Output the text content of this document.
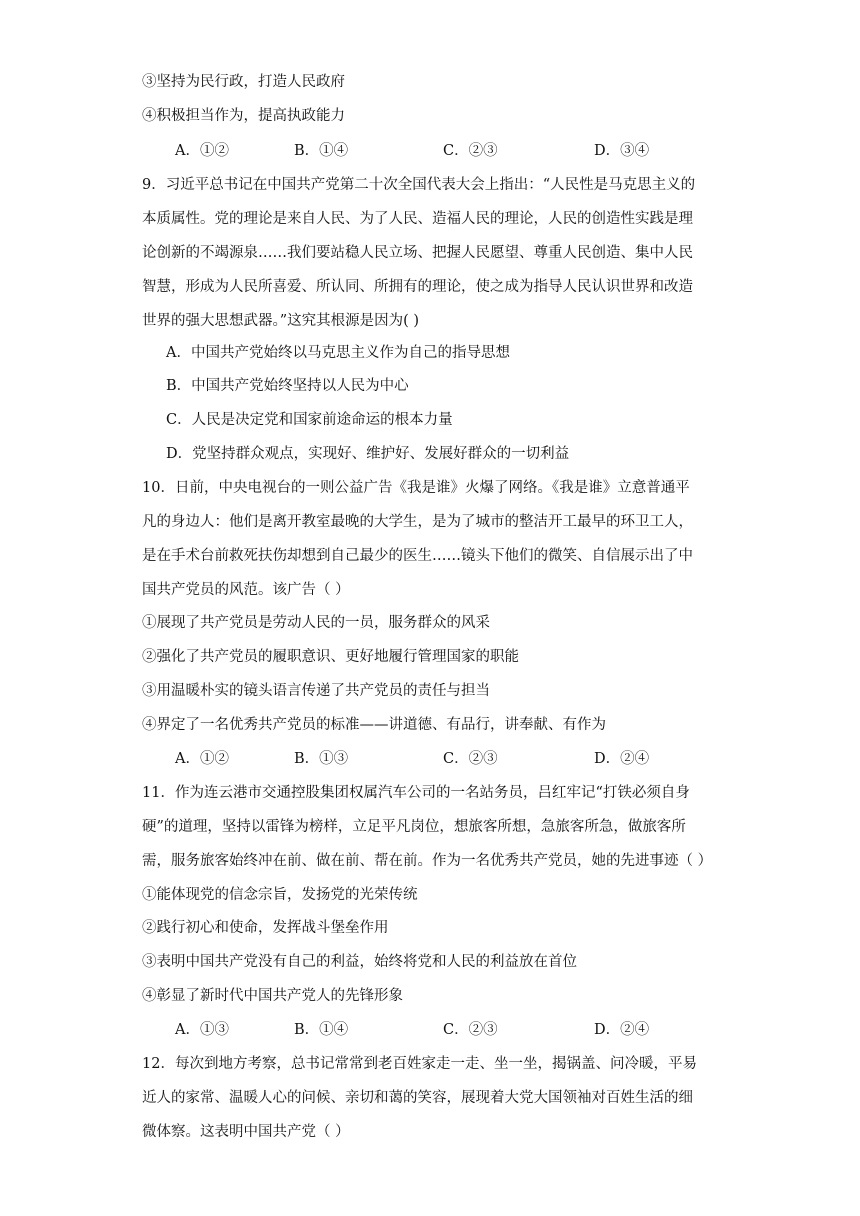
③坚持为民行政，打造人民政府
④积极担当作为，提高执政能力
A．①②	B．①④	C．②③	D．③④
9．习近平总书记在中国共产党第二十次全国代表大会上指出：“人民性是马克思主义的
本质属性。党的理论是来自人民、为了人民、造福人民的理论，人民的创造性实践是理
论创新的不竭源泉……我们要站稳人民立场、把握人民愿望、尊重人民创造、集中人民
智慧，形成为人民所喜爱、所认同、所拥有的理论，使之成为指导人民认识世界和改造
世界的强大思想武器。”这究其根源是因为( )
A．中国共产党始终以马克思主义作为自己的指导思想
B．中国共产党始终坚持以人民为中心
C．人民是决定党和国家前途命运的根本力量
D．党坚持群众观点，实现好、维护好、发展好群众的一切利益
10．日前，中央电视台的一则公益广告《我是谁》火爆了网络。《我是谁》立意普通平
凡的身边人：他们是离开教室最晚的大学生，是为了城市的整洁开工最早的环卫工人，
是在手术台前救死扶伤却想到自己最少的医生……镜头下他们的微笑、自信展示出了中
国共产党员的风范。该广告（ ）
①展现了共产党员是劳动人民的一员，服务群众的风采
②强化了共产党员的履职意识、更好地履行管理国家的职能
③用温暖朴实的镜头语言传递了共产党员的责任与担当
④界定了一名优秀共产党员的标准——讲道德、有品行，讲奉献、有作为
A．①②	B．①③	C．②③	D．②④
11．作为连云港市交通控股集团权属汽车公司的一名站务员，吕红牢记“打铁必须自身
硬”的道理，坚持以雷锋为榜样，立足平凡岗位，想旅客所想，急旅客所急，做旅客所
需，服务旅客始终冲在前、做在前、帮在前。作为一名优秀共产党员，她的先进事迹（ ）
①能体现党的信念宗旨，发扬党的光荣传统
②践行初心和使命，发挥战斗堡垒作用
③表明中国共产党没有自己的利益，始终将党和人民的利益放在首位
④彰显了新时代中国共产党人的先锋形象
A．①③	B．①④	C．②③	D．②④
12．每次到地方考察，总书记常常到老百姓家走一走、坐一坐，揭锅盖、问冷暖，平易
近人的家常、温暖人心的问候、亲切和蔼的笑容，展现着大党大国领袖对百姓生活的细
微体察。这表明中国共产党（ ）
